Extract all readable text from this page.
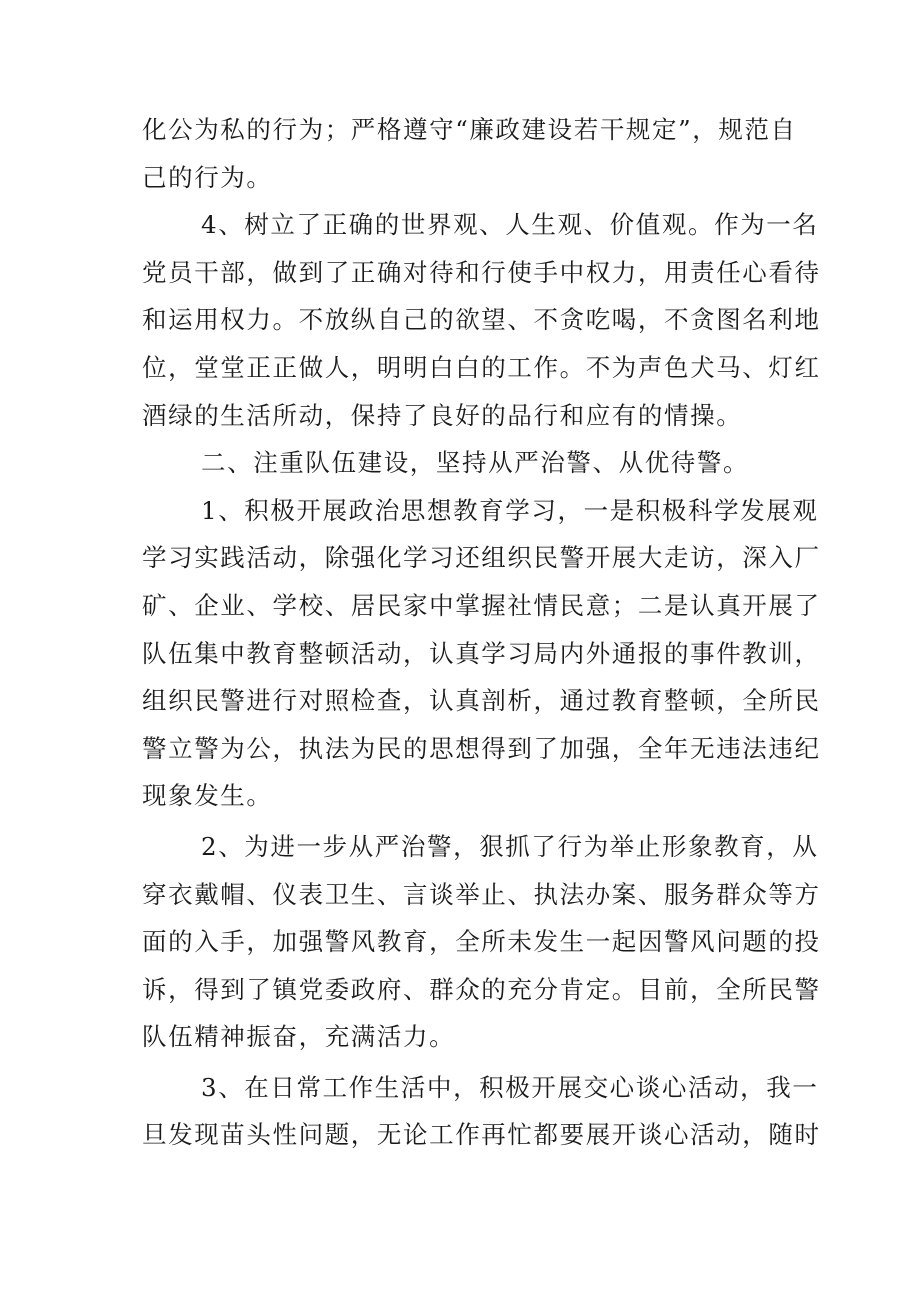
化公为私的行为；严格遵守“廉政建设若干规定”，规范自
己的行为。
4、树立了正确的世界观、人生观、价值观。作为一名
党员干部，做到了正确对待和行使手中权力，用责任心看待
和运用权力。不放纵自己的欲望、不贪吃喝，不贪图名利地
位，堂堂正正做人，明明白白的工作。不为声色犬马、灯红
酒绿的生活所动，保持了良好的品行和应有的情操。
二、注重队伍建设，坚持从严治警、从优待警。
1、积极开展政治思想教育学习，一是积极科学发展观
学习实践活动，除强化学习还组织民警开展大走访，深入厂
矿、企业、学校、居民家中掌握社情民意；二是认真开展了
队伍集中教育整顿活动，认真学习局内外通报的事件教训，
组织民警进行对照检查，认真剖析，通过教育整顿，全所民
警立警为公，执法为民的思想得到了加强，全年无违法违纪
现象发生。
2、为进一步从严治警，狠抓了行为举止形象教育，从
穿衣戴帽、仪表卫生、言谈举止、执法办案、服务群众等方
面的入手，加强警风教育，全所未发生一起因警风问题的投
诉，得到了镇党委政府、群众的充分肯定。目前，全所民警
队伍精神振奋，充满活力。
3、在日常工作生活中，积极开展交心谈心活动，我一
旦发现苗头性问题，无论工作再忙都要展开谈心活动，随时
